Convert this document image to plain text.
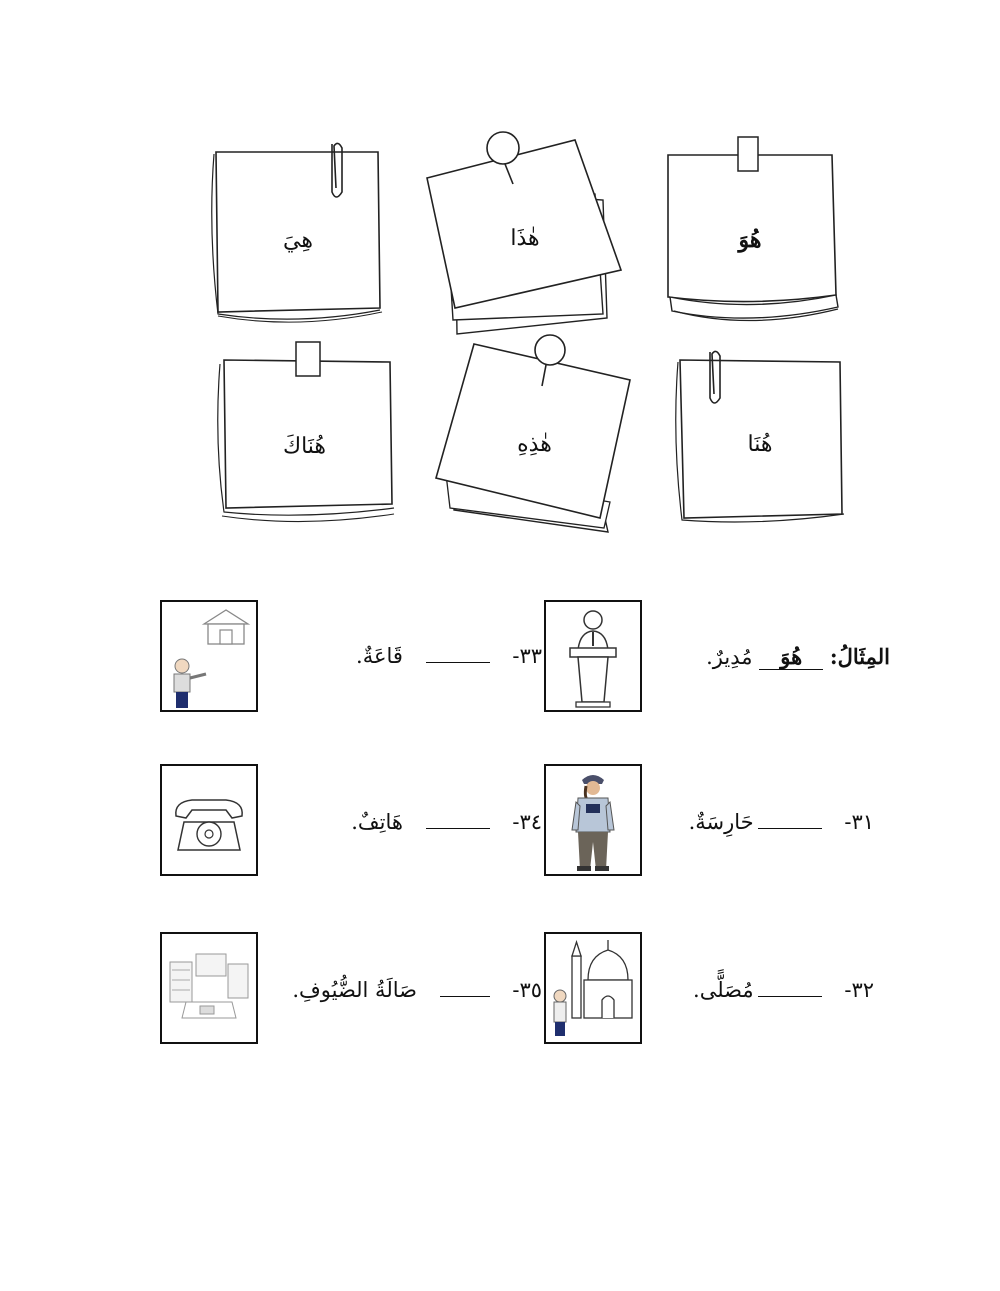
هُوَ
هٰذَا
هِيَ
هُنَا
هٰذِهِ
هُنَاكَ
المِثَالُ: هُوَ مُدِيرٌ.
٣١- حَارِسَةٌ.
٣٢- مُصَلًّى.
٣٣-  قَاعَةٌ.
٣٤-  هَاتِفٌ.
٣٥-  صَالَةُ الضُّيُوفِ.
